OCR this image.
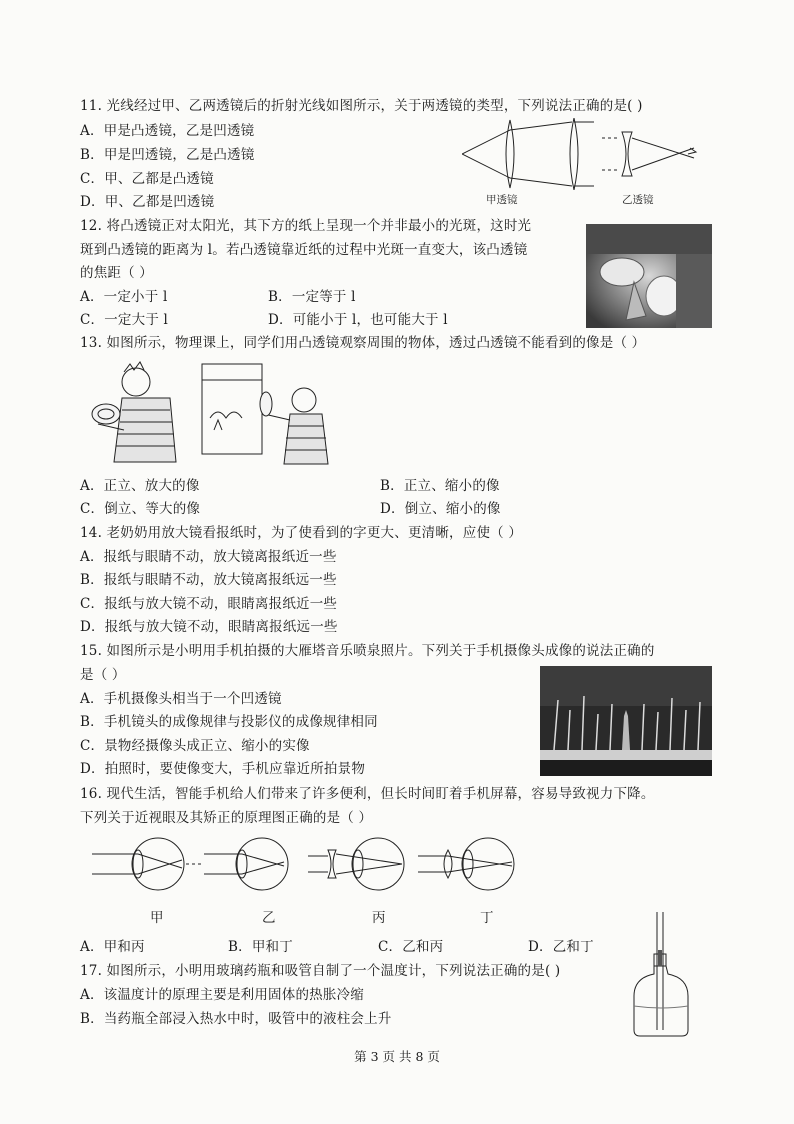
11. 光线经过甲、乙两透镜后的折射光线如图所示，关于两透镜的类型，下列说法正确的是( )
A．甲是凸透镜，乙是凹透镜
B．甲是凹透镜，乙是凸透镜
C．甲、乙都是凸透镜
D．甲、乙都是凹透镜	甲透镜	乙透镜
12. 将凸透镜正对太阳光，其下方的纸上呈现一个并非最小的光斑，这时光
斑到凸透镜的距离为 l。若凸透镜靠近纸的过程中光斑一直变大，该凸透镜
的焦距（ ）
A．一定小于 l	B．一定等于 l
C．一定大于 l	D．可能小于 l，也可能大于 l
13. 如图所示，物理课上，同学们用凸透镜观察周围的物体，透过凸透镜不能看到的像是（ ）
A．正立、放大的像	B．正立、缩小的像
C．倒立、等大的像	D．倒立、缩小的像
14. 老奶奶用放大镜看报纸时，为了使看到的字更大、更清晰，应使（ ）
A．报纸与眼睛不动，放大镜离报纸近一些
B．报纸与眼睛不动，放大镜离报纸远一些
C．报纸与放大镜不动，眼睛离报纸近一些
D．报纸与放大镜不动，眼睛离报纸远一些
15. 如图所示是小明用手机拍摄的大雁塔音乐喷泉照片。下列关于手机摄像头成像的说法正确的
是（ ）
A．手机摄像头相当于一个凹透镜
B．手机镜头的成像规律与投影仪的成像规律相同
C．景物经摄像头成正立、缩小的实像
D．拍照时，要使像变大，手机应靠近所拍景物
16. 现代生活，智能手机给人们带来了许多便利，但长时间盯着手机屏幕，容易导致视力下降。
下列关于近视眼及其矫正的原理图正确的是（ ）
甲	乙	丙	丁
A．甲和丙	B．甲和丁	C．乙和丙	D．乙和丁
17. 如图所示，小明用玻璃药瓶和吸管自制了一个温度计，下列说法正确的是( )
A．该温度计的原理主要是利用固体的热胀冷缩
B．当药瓶全部浸入热水中时，吸管中的液柱会上升
第 3 页 共 8 页
